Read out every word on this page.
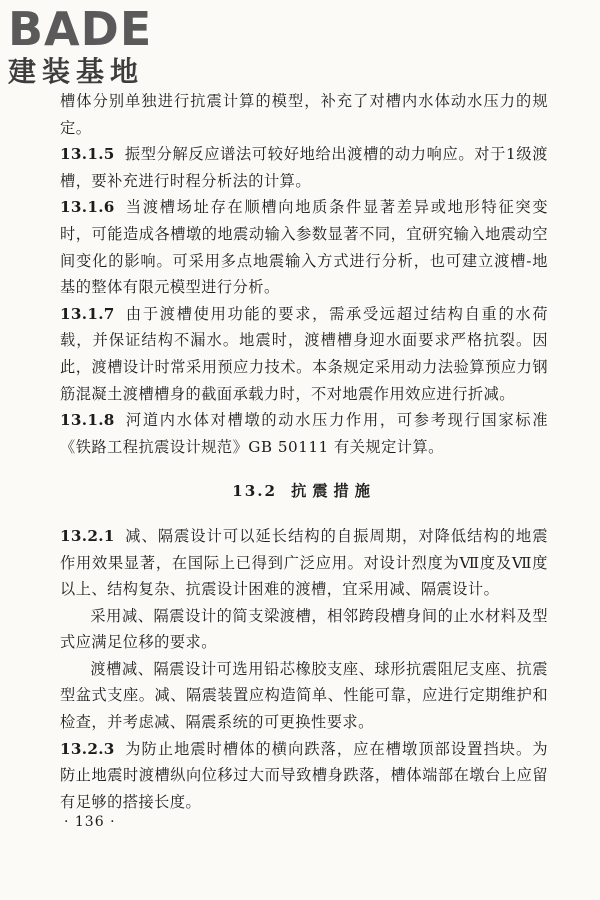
BADE
建装基地

槽体分别单独进行抗震计算的模型，补充了对槽内水体动水压力的规定。

13.1.5 振型分解反应谱法可较好地给出渡槽的动力响应。对于1级渡槽，要补充进行时程分析法的计算。

13.1.6 当渡槽场址存在顺槽向地质条件显著差异或地形特征突变时，可能造成各槽墩的地震动输入参数显著不同，宜研究输入地震动空间变化的影响。可采用多点地震输入方式进行分析，也可建立渡槽-地基的整体有限元模型进行分析。

13.1.7 由于渡槽使用功能的要求，需承受远超过结构自重的水荷载，并保证结构不漏水。地震时，渡槽槽身迎水面要求严格抗裂。因此，渡槽设计时常采用预应力技术。本条规定采用动力法验算预应力钢筋混凝土渡槽槽身的截面承载力时，不对地震作用效应进行折减。

13.1.8 河道内水体对槽墩的动水压力作用，可参考现行国家标准《铁路工程抗震设计规范》GB 50111 有关规定计算。

13.2 抗震措施

13.2.1 减、隔震设计可以延长结构的自振周期，对降低结构的地震作用效果显著，在国际上已得到广泛应用。对设计烈度为Ⅶ度及Ⅶ度以上、结构复杂、抗震设计困难的渡槽，宜采用减、隔震设计。

采用减、隔震设计的简支梁渡槽，相邻跨段槽身间的止水材料及型式应满足位移的要求。

渡槽减、隔震设计可选用铅芯橡胶支座、球形抗震阻尼支座、抗震型盆式支座。减、隔震装置应构造简单、性能可靠，应进行定期维护和检查，并考虑减、隔震系统的可更换性要求。

13.2.3 为防止地震时槽体的横向跌落，应在槽墩顶部设置挡块。为防止地震时渡槽纵向位移过大而导致槽身跌落，槽体端部在墩台上应留有足够的搭接长度。

· 136 ·
